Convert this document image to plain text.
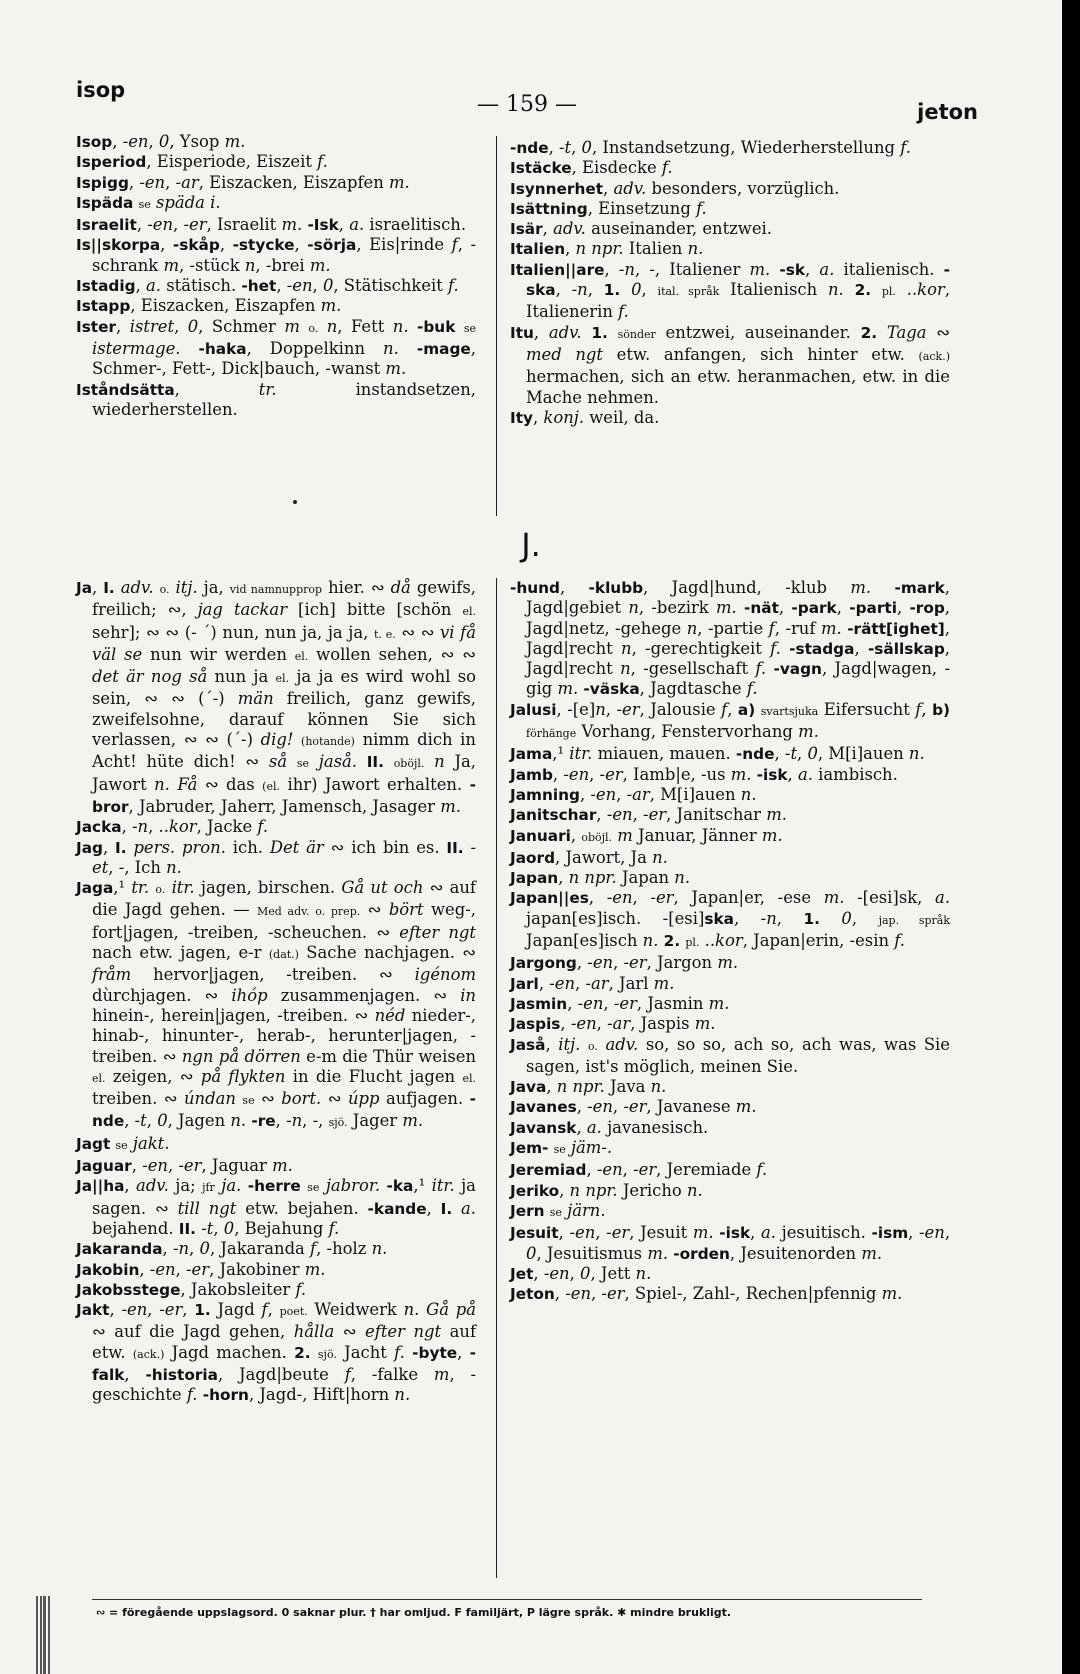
isop
— 159 —	jeton

Isop, -en, 0, Ysop m.

Isperiod, Eisperiode, Eiszeit f.

Ispigg, -en, -ar, Eiszacken, Eiszapfen m.

Ispäda se späda i.

Israelit, -en, -er, Israelit m. -Isk, a. israelitisch.

Is||skorpa, -skåp, -stycke, -sörja, Eis|rinde f, -schrank m, -stück n, -brei m.

Istadig, a. stätisch. -het, -en, 0, Stätischkeit f.

Istapp, Eiszacken, Eiszapfen m.

Ister, istret, 0, Schmer m o. n, Fett n. -buk se istermage. -haka, Doppelkinn n. -mage, Schmer-, Fett-, Dick|bauch, -wanst m.

Iståndsätta, tr. instandsetzen, wiederherstellen.

-nde, -t, 0, Instandsetzung, Wiederherstellung f.

Istäcke, Eisdecke f.

Isynnerhet, adv. besonders, vorzüglich.

Isättning, Einsetzung f.

Isär, adv. auseinander, entzwei.

Italien, n npr. Italien n.

Italien||are, -n, -, Italiener m. -sk, a. italienisch. -ska, -n, 1. 0, ital. språk Italienisch n. 2. pl. ..kor, Italienerin f.

Itu, adv. 1. sönder entzwei, auseinander. 2. Taga ∾ med ngt etw. anfangen, sich hinter etw. (ack.) hermachen, sich an etw. heranmachen, etw. in die Mache nehmen.

Ity, konj. weil, da.

J.

Ja, I. adv. o. itj. ja, vid namnupprop hier. ∾ då gewifs, freilich; ∾, jag tackar [ich] bitte [schön el. sehr]; ∾ ∾ (- ´) nun, nun ja, ja ja, t. e. ∾ ∾ vi få väl se nun wir werden el. wollen sehen, ∾ ∾ det är nog så nun ja el. ja ja es wird wohl so sein, ∾ ∾ (´-) män freilich, ganz gewifs, zweifelsohne, darauf können Sie sich verlassen, ∾ ∾ (´-) dig! (hotande) nimm dich in Acht! hüte dich! ∾ så se jaså. II. oböjl. n Ja, Jawort n. Få ∾ das (el. ihr) Jawort erhalten. -bror, Jabruder, Jaherr, Jamensch, Jasager m.

Jacka, -n, ..kor, Jacke f.

Jag, I. pers. pron. ich. Det är ∾ ich bin es. II. -et, -, Ich n.

Jaga,¹ tr. o. itr. jagen, birschen. Gå ut och ∾ auf die Jagd gehen. — Med adv. o. prep. ∾ bört weg-, fort|jagen, -treiben, -scheuchen. ∾ efter ngt nach etw. jagen, e-r (dat.) Sache nachjagen. ∾ fråm hervor|jagen, -treiben. ∾ igénom dùrchjagen. ∾ ihóp zusammenjagen. ∾ in hinein-, herein|jagen, -treiben. ∾ néd nieder-, hinab-, hinunter-, herab-, herunter|jagen, -treiben. ∾ ngn på dörren e-m die Thür weisen el. zeigen, ∾ på flykten in die Flucht jagen el. treiben. ∾ úndan se ∾ bort. ∾ úpp aufjagen. -nde, -t, 0, Jagen n. -re, -n, -, sjö. Jager m.

Jagt se jakt.

Jaguar, -en, -er, Jaguar m.

Ja||ha, adv. ja; jfr ja. -herre se jabror. -ka,¹ itr. ja sagen. ∾ till ngt etw. bejahen. -kande, I. a. bejahend. II. -t, 0, Bejahung f.

Jakaranda, -n, 0, Jakaranda f, -holz n.

Jakobin, -en, -er, Jakobiner m.

Jakobsstege, Jakobsleiter f.

Jakt, -en, -er, 1. Jagd f, poet. Weidwerk n. Gå på ∾ auf die Jagd gehen, hålla ∾ efter ngt auf etw. (ack.) Jagd machen. 2. sjö. Jacht f. -byte, -falk, -historia, Jagd|beute f, -falke m, -geschichte f. -horn, Jagd-, Hift|horn n.

-hund, -klubb, Jagd|hund, -klub m. -mark, Jagd|gebiet n, -bezirk m. -nät, -park, -parti, -rop, Jagd|netz, -gehege n, -partie f, -ruf m. -rätt[ighet], Jagd|recht n, -gerechtigkeit f. -stadga, -sällskap, Jagd|recht n, -gesellschaft f. -vagn, Jagd|wagen, -gig m. -väska, Jagdtasche f.

Jalusi, -[e]n, -er, Jalousie f, a) svartsjuka Eifersucht f, b) förhänge Vorhang, Fenstervorhang m.

Jama,¹ itr. miauen, mauen. -nde, -t, 0, M[i]auen n.

Jamb, -en, -er, Iamb|e, -us m. -isk, a. iambisch.

Jamning, -en, -ar, M[i]auen n.

Janitschar, -en, -er, Janitschar m.

Januari, oböjl. m Januar, Jänner m.

Jaord, Jawort, Ja n.

Japan, n npr. Japan n.

Japan||es, -en, -er, Japan|er, -ese m. -[esi]sk, a. japan[es]isch. -[esi]ska, -n, 1. 0, jap. språk Japan[es]isch n. 2. pl. ..kor, Japan|erin, -esin f.

Jargong, -en, -er, Jargon m.

Jarl, -en, -ar, Jarl m.

Jasmin, -en, -er, Jasmin m.

Jaspis, -en, -ar, Jaspis m.

Jaså, itj. o. adv. so, so so, ach so, ach was, was Sie sagen, ist's möglich, meinen Sie.

Java, n npr. Java n.

Javanes, -en, -er, Javanese m.

Javansk, a. javanesisch.

Jem- se jäm-.

Jeremiad, -en, -er, Jeremiade f.

Jeriko, n npr. Jericho n.

Jern se järn.

Jesuit, -en, -er, Jesuit m. -isk, a. jesuitisch. -ism, -en, 0, Jesuitismus m. -orden, Jesuitenorden m.

Jet, -en, 0, Jett n.

Jeton, -en, -er, Spiel-, Zahl-, Rechen|pfennig m.

∾ = föregående uppslagsord. 0 saknar plur. † har omljud. F familjärt, P lägre språk. ✱ mindre brukligt.
